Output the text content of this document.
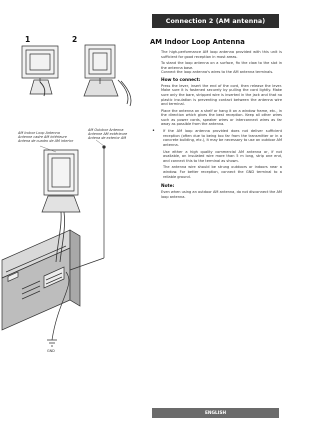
Connection 2 (AM antenna)
AM Indoor Loop Antenna

The high-performance AM loop antenna provided with this unit is sufficient for good reception in most areas.

To stand the loop antenna on a surface, fix the claw to the slot in the antenna base.

Connect the loop antenna's wires to the AM antenna terminals.

How to connect:

Press the lever, insert the end of the cord, then release the lever. Make sure it is fastened securely by pulling the cord lightly. Make sure only the bare, stripped wire is inserted in the jack and that no plastic insulation is preventing contact between the antenna wire and terminal.

Place the antenna on a shelf or hang it on a window frame, etc., in the direction which gives the best reception. Keep all other wires such as power cords, speaker wires or interconnect wires as far away as possible from the antenna.

•	If the AM loop antenna provided does not deliver sufficient reception (often due to being too far from the transmitter or in a concrete building, etc.), it may be necessary to use an outdoor AM antenna.

Use either a high quality commercial AM antenna or, if not available, an insulated wire more than 5 m long, strip one end, and connect this to the terminal as shown.

The antenna wire should be strung outdoors or indoors near a window. For better reception, connect the GND terminal to a reliable ground.

Note:

Even when using an outdoor AM antenna, do not disconnect the AM loop antenna.

ENGLISH
1	2
AM Outdoor Antenna
Antenne AM extérieure
Antena de exterior AM
AM Indoor Loop Antenna
Antenne cadre AM intérieure
Antena de cuadro de AM interior
GND
